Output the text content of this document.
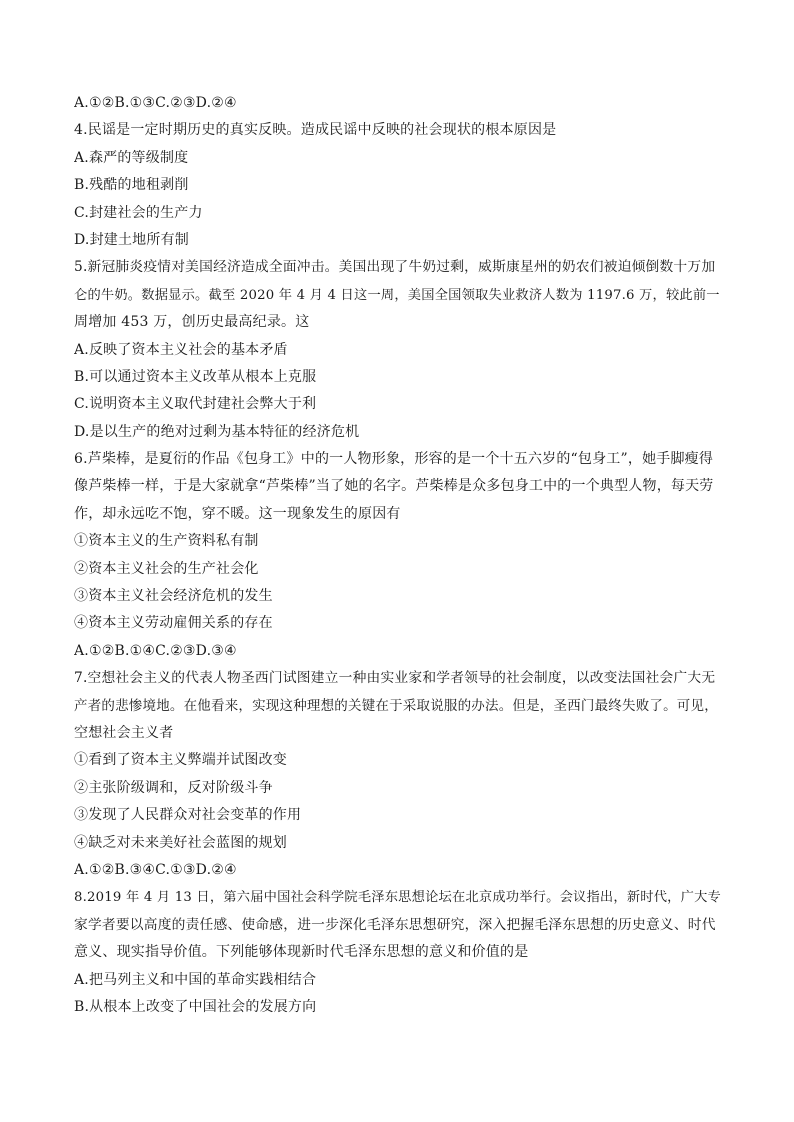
A.①②B.①③C.②③D.②④
4.民谣是一定时期历史的真实反映。造成民谣中反映的社会现状的根本原因是
A.森严的等级制度
B.残酷的地租剥削
C.封建社会的生产力
D.封建土地所有制
5.新冠肺炎疫情对美国经济造成全面冲击。美国出现了牛奶过剩，威斯康星州的奶农们被迫倾倒数十万加
仑的牛奶。数据显示。截至 2020 年 4 月 4 日这一周，美国全国领取失业救济人数为 1197.6 万，较此前一
周增加 453 万，创历史最高纪录。这
A.反映了资本主义社会的基本矛盾
B.可以通过资本主义改革从根本上克服
C.说明资本主义取代封建社会弊大于利
D.是以生产的绝对过剩为基本特征的经济危机
6.芦柴棒，是夏衍的作品《包身工》中的一人物形象，形容的是一个十五六岁的“包身工”，她手脚瘦得
像芦柴棒一样，于是大家就拿“芦柴棒”当了她的名字。芦柴棒是众多包身工中的一个典型人物，每天劳
作，却永远吃不饱，穿不暖。这一现象发生的原因有
①资本主义的生产资料私有制
②资本主义社会的生产社会化
③资本主义社会经济危机的发生
④资本主义劳动雇佣关系的存在
A.①②B.①④C.②③D.③④
7.空想社会主义的代表人物圣西门试图建立一种由实业家和学者领导的社会制度，以改变法国社会广大无
产者的悲惨境地。在他看来，实现这种理想的关键在于采取说服的办法。但是，圣西门最终失败了。可见，
空想社会主义者
①看到了资本主义弊端并试图改变
②主张阶级调和，反对阶级斗争
③发现了人民群众对社会变革的作用
④缺乏对未来美好社会蓝图的规划
A.①②B.③④C.①③D.②④
8.2019 年 4 月 13 日，第六届中国社会科学院毛泽东思想论坛在北京成功举行。会议指出，新时代，广大专
家学者要以高度的责任感、使命感，进一步深化毛泽东思想研究，深入把握毛泽东思想的历史意义、时代
意义、现实指导价值。下列能够体现新时代毛泽东思想的意义和价值的是
A.把马列主义和中国的革命实践相结合
B.从根本上改变了中国社会的发展方向
